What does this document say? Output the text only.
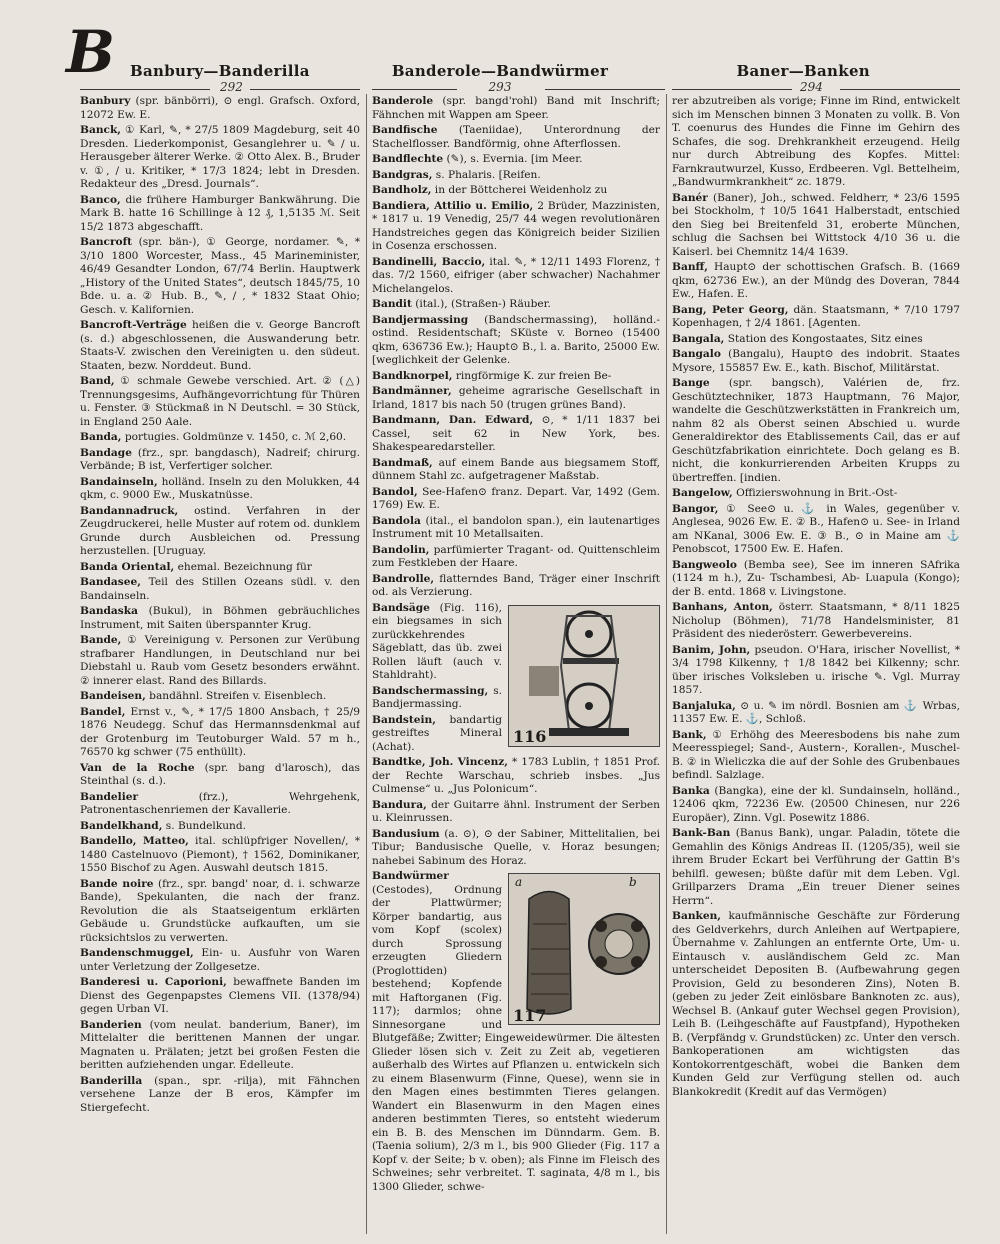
B Banbury—Banderilla	Banderole—Bandwürmer	Baner—Banken
292	293	294

Banbury (spr. bänbörri), ⊙ engl. Grafsch. Oxford, 12072 Ew. E.

Banck, ① Karl, ✎, * 27/5 1809 Magdeburg, seit 40 Dresden. Liederkomponist, Gesanglehrer u. ✎ / u. Herausgeber älterer Werke. ② Otto Alex. B., Bruder v. ①, / u. Kritiker, * 17/3 1824; lebt in Dresden. Redakteur des „Dresd. Journals“.

Banco, die frühere Hamburger Bankwährung. Die Mark B. hatte 16 Schillinge à 12 ₰, 1,5135 ℳ. Seit 15/2 1873 abgeschafft.

Bancroft (spr. bän-), ① George, nordamer. ✎, * 3/10 1800 Worcester, Mass., 45 Marineminister, 46/49 Gesandter London, 67/74 Berlin. Hauptwerk „History of the United States“, deutsch 1845/75, 10 Bde. u. a. ② Hub. B., ✎, / , * 1832 Staat Ohio; Gesch. v. Kalifornien.

Bancroft-Verträge heißen die v. George Bancroft (s. d.) abgeschlossenen, die Auswanderung betr. Staats-V. zwischen den Vereinigten u. den südeut. Staaten, bezw. Norddeut. Bund.

Band, ① schmale Gewebe verschied. Art. ② (△) Trennungsgesims, Aufhängevorrichtung für Thüren u. Fenster. ③ Stückmaß in N Deutschl. = 30 Stück, in England 250 Aale.

Banda, portugies. Goldmünze v. 1450, c. ℳ 2,60.

Bandage (frz., spr. bangdasch), Nadreif; chirurg. Verbände; B ist, Verfertiger solcher.

Bandainseln, holländ. Inseln zu den Molukken, 44 qkm, c. 9000 Ew., Muskatnüsse.

Bandannadruck, ostind. Verfahren in der Zeugdruckerei, helle Muster auf rotem od. dunklem Grunde durch Ausbleichen od. Pressung herzustellen. [Uruguay.

Banda Oriental, ehemal. Bezeichnung für

Bandasee, Teil des Stillen Ozeans südl. v. den Bandainseln.

Bandaska (Bukul), in Böhmen gebräuchliches Instrument, mit Saiten überspannter Krug.

Bande, ① Vereinigung v. Personen zur Verübung strafbarer Handlungen, in Deutschland nur bei Diebstahl u. Raub vom Gesetz besonders erwähnt. ② innerer elast. Rand des Billards.

Bandeisen, bandähnl. Streifen v. Eisenblech.

Bandel, Ernst v., ✎, * 17/5 1800 Ansbach, † 25/9 1876 Neudegg. Schuf das Hermannsdenkmal auf der Grotenburg im Teutoburger Wald. 57 m h., 76570 kg schwer (75 enthüllt).

Van de la Roche (spr. bang d'larosch), das Steinthal (s. d.).

Bandelier (frz.), Wehrgehenk, Patronentaschenriemen der Kavallerie.

Bandelkhand, s. Bundelkund.

Bandello, Matteo, ital. schlüpfriger Novellen/, * 1480 Castelnuovo (Piemont), † 1562, Dominikaner, 1550 Bischof zu Agen. Auswahl deutsch 1815.

Bande noire (frz., spr. bangd' noar, d. i. schwarze Bande), Spekulanten, die nach der franz. Revolution die als Staatseigentum erklärten Gebäude u. Grundstücke aufkauften, um sie rücksichtslos zu verwerten.

Bandenschmuggel, Ein- u. Ausfuhr von Waren unter Verletzung der Zollgesetze.

Banderesi u. Caporioni, bewaffnete Banden im Dienst des Gegenpapstes Clemens VII. (1378/94) gegen Urban VI.

Banderien (vom neulat. banderium, Baner), im Mittelalter die berittenen Mannen der ungar. Magnaten u. Prälaten; jetzt bei großen Festen die beritten aufziehenden ungar. Edelleute.

Banderilla (span., spr. -rilja), mit Fähnchen versehene Lanze der B eros, Kämpfer im Stiergefecht.

Banderole (spr. bangd'rohl) Band mit Inschrift; Fähnchen mit Wappen am Speer.

Bandfische (Taeniidae), Unterordnung der Stachelflosser. Bandförmig, ohne Afterflossen.

Bandflechte (✎), s. Evernia. [im Meer.

Bandgras, s. Phalaris. [Reifen.

Bandholz, in der Böttcherei Weidenholz zu

Bandiera, Attilio u. Emilio, 2 Brüder, Mazzinisten, * 1817 u. 19 Venedig, 25/7 44 wegen revolutionären Handstreiches gegen das Königreich beider Sizilien in Cosenza erschossen.

Bandinelli, Baccio, ital. ✎, * 12/11 1493 Florenz, † das. 7/2 1560, eifriger (aber schwacher) Nachahmer Michelangelos.

Bandit (ital.), (Straßen-) Räuber.

Bandjermassing (Bandschermassing), holländ.-ostind. Residentschaft; SKüste v. Borneo (15400 qkm, 636736 Ew.); Haupt⊙ B., l. a. Barito, 25000 Ew. [weglichkeit der Gelenke.

Bandknorpel, ringförmige K. zur freien Be-

Bandmänner, geheime agrarische Gesellschaft in Irland, 1817 bis nach 50 (trugen grünes Band).

Bandmann, Dan. Edward, ⊙, * 1/11 1837 bei Cassel, seit 62 in New York, bes. Shakespearedarsteller.

Bandmaß, auf einem Bande aus biegsamem Stoff, dünnem Stahl zc. aufgetragener Maßstab.

Bandol, See-Hafen⊙ franz. Depart. Var, 1492 (Gem. 1769) Ew. E.

Bandola (ital., el bandolon span.), ein lautenartiges Instrument mit 10 Metallsaiten.

Bandolin, parfümierter Tragant- od. Quittenschleim zum Festkleben der Haare.

Bandrolle, flatterndes Band, Träger einer Inschrift od. als Verzierung.

116

Bandsäge (Fig. 116), ein biegsames in sich zurückkehrendes Sägeblatt, das üb. zwei Rollen läuft (auch v. Stahldraht).

Bandschermassing, s. Bandjermassing.

Bandstein, bandartig gestreiftes Mineral (Achat).

Bandtke, Joh. Vincenz, * 1783 Lublin, † 1851 Prof. der Rechte Warschau, schrieb insbes. „Jus Culmense“ u. „Jus Polonicum“.

Bandura, der Guitarre ähnl. Instrument der Serben u. Kleinrussen.

Bandusium (a. ⊙), ⊙ der Sabiner, Mittelitalien, bei Tibur; Bandusische Quelle, v. Horaz besungen; nahebei Sabinum des Horaz.

a	b
117

Bandwürmer (Cestodes), Ordnung der Plattwürmer; Körper bandartig, aus vom Kopf (scolex) durch Sprossung erzeugten Gliedern (Proglottiden) bestehend; Kopfende mit Haftorganen (Fig. 117); darmlos; ohne Sinnesorgane und Blutgefäße; Zwitter; Eingeweidewürmer. Die ältesten Glieder lösen sich v. Zeit zu Zeit ab, vegetieren außerhalb des Wirtes auf Pflanzen u. entwickeln sich zu einem Blasenwurm (Finne, Quese), wenn sie in den Magen eines bestimmten Tieres gelangen. Wandert ein Blasenwurm in den Magen eines anderen bestimmten Tieres, so entsteht wiederum ein B. B. des Menschen im Dünndarm. Gem. B. (Taenia solium), 2/3 m l., bis 900 Glieder (Fig. 117 a Kopf v. der Seite; b v. oben); als Finne im Fleisch des Schweines; sehr verbreitet. T. saginata, 4/8 m l., bis 1300 Glieder, schwe-

rer abzutreiben als vorige; Finne im Rind, entwickelt sich im Menschen binnen 3 Monaten zu vollk. B. Von T. coenurus des Hundes die Finne im Gehirn des Schafes, die sog. Drehkrankheit erzeugend. Heilg nur durch Abtreibung des Kopfes. Mittel: Farnkrautwurzel, Kusso, Erdbeeren. Vgl. Bettelheim, „Bandwurmkrankheit“ zc. 1879.

Banér (Baner), Joh., schwed. Feldherr, * 23/6 1595 bei Stockholm, † 10/5 1641 Halberstadt, entschied den Sieg bei Breitenfeld 31, eroberte München, schlug die Sachsen bei Wittstock 4/10 36 u. die Kaiserl. bei Chemnitz 14/4 1639.

Banff, Haupt⊙ der schottischen Grafsch. B. (1669 qkm, 62736 Ew.), an der Mündg des Doveran, 7844 Ew., Hafen. E.

Bang, Peter Georg, dän. Staatsmann, * 7/10 1797 Kopenhagen, † 2/4 1861. [Agenten.

Bangala, Station des Kongostaates, Sitz eines

Bangalo (Bangalu), Haupt⊙ des indobrit. Staates Mysore, 155857 Ew. E., kath. Bischof, Militärstat.

Bange (spr. bangsch), Valérien de, frz. Geschütztechniker, 1873 Hauptmann, 76 Major, wandelte die Geschützwerkstätten in Frankreich um, nahm 82 als Oberst seinen Abschied u. wurde Generaldirektor des Etablissements Cail, das er auf Geschützfabrikation einrichtete. Doch gelang es B. nicht, die konkurrierenden Arbeiten Krupps zu übertreffen. [indien.

Bangelow, Offizierswohnung in Brit.-Ost-

Bangor, ① See⊙ u. ⚓ in Wales, gegenüber v. Anglesea, 9026 Ew. E. ② B., Hafen⊙ u. See- in Irland am NKanal, 3006 Ew. E. ③ B., ⊙ in Maine am ⚓ Penobscot, 17500 Ew. E. Hafen.

Bangweolo (Bemba see), See im inneren SAfrika (1124 m h.), Zu- Tschambesi, Ab- Luapula (Kongo); der B. entd. 1868 v. Livingstone.

Banhans, Anton, österr. Staatsmann, * 8/11 1825 Nicholup (Böhmen), 71/78 Handelsminister, 81 Präsident des niederösterr. Gewerbevereins.

Banim, John, pseudon. O'Hara, irischer Novellist, * 3/4 1798 Kilkenny, † 1/8 1842 bei Kilkenny; schr. über irisches Volksleben u. irische ✎. Vgl. Murray 1857.

Banjaluka, ⊙ u. ✎ im nördl. Bosnien am ⚓ Wrbas, 11357 Ew. E. ⚓, Schloß.

Bank, ① Erhöhg des Meeresbodens bis nahe zum Meeresspiegel; Sand-, Austern-, Korallen-, Muschel-B. ② in Wieliczka die auf der Sohle des Grubenbaues befindl. Salzlage.

Banka (Bangka), eine der kl. Sundainseln, holländ., 12406 qkm, 72236 Ew. (20500 Chinesen, nur 226 Europäer), Zinn. Vgl. Posewitz 1886.

Bank-Ban (Banus Bank), ungar. Paladin, tötete die Gemahlin des Königs Andreas II. (1205/35), weil sie ihrem Bruder Eckart bei Verführung der Gattin B's behilfl. gewesen; büßte dafür mit dem Leben. Vgl. Grillparzers Drama „Ein treuer Diener seines Herrn“.

Banken, kaufmännische Geschäfte zur Förderung des Geldverkehrs, durch Anleihen auf Wertpapiere, Übernahme v. Zahlungen an entfernte Orte, Um- u. Eintausch v. ausländischem Geld zc. Man unterscheidet Depositen B. (Aufbewahrung gegen Provision, Geld zu besonderen Zins), Noten B. (geben zu jeder Zeit einlösbare Banknoten zc. aus), Wechsel B. (Ankauf guter Wechsel gegen Provision), Leih B. (Leihgeschäfte auf Faustpfand), Hypotheken B. (Verpfändg v. Grundstücken) zc. Unter den versch. Bankoperationen am wichtigsten das Kontokorrentgeschäft, wobei die Banken dem Kunden Geld zur Verfügung stellen od. auch Blankokredit (Kredit auf das Vermögen)
